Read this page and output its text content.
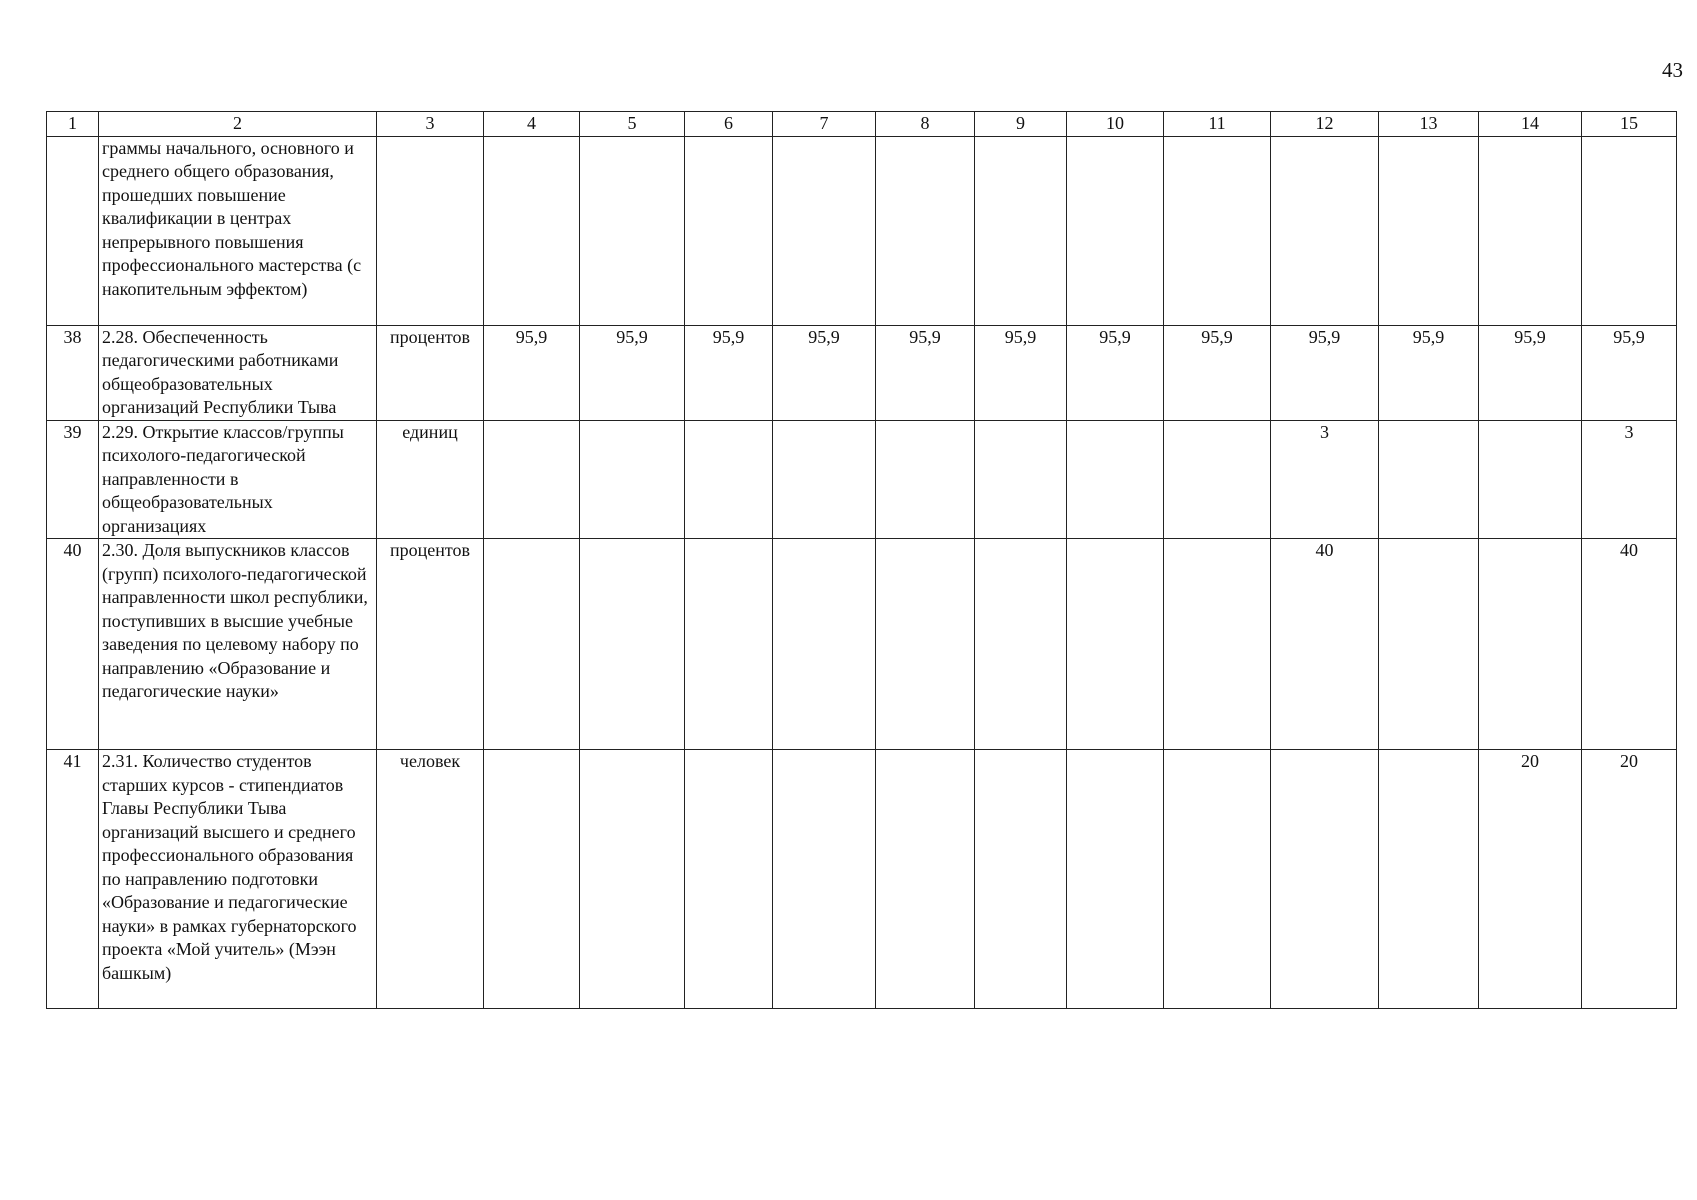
43
1	2	3	4	5	6	7	8	9	10	11	12	13	14	15
	граммы начального, основного и среднего общего образования, прошедших повышение квалификации в центрах непрерывного повышения профессионального мастерства (с накопительным эффектом)													
38	2.28. Обеспеченность педагогическими работниками общеобразовательных организаций Республики Тыва	процентов	95,9	95,9	95,9	95,9	95,9	95,9	95,9	95,9	95,9	95,9	95,9	95,9
39	2.29. Открытие классов/группы психолого-педагогической направленности в общеобразовательных организациях	единиц									3			3
40	2.30. Доля выпускников классов (групп) психолого-педагогической направленности школ республики, поступивших в высшие учебные заведения по целевому набору по направлению «Образование и педагогические науки»	процентов									40			40
41	2.31. Количество студентов старших курсов - стипендиатов Главы Республики Тыва организаций высшего и среднего профессионального образования по направлению подготовки «Образование и педагогические науки» в рамках губернаторского проекта «Мой учитель» (Мээн башкым)	человек											20	20
